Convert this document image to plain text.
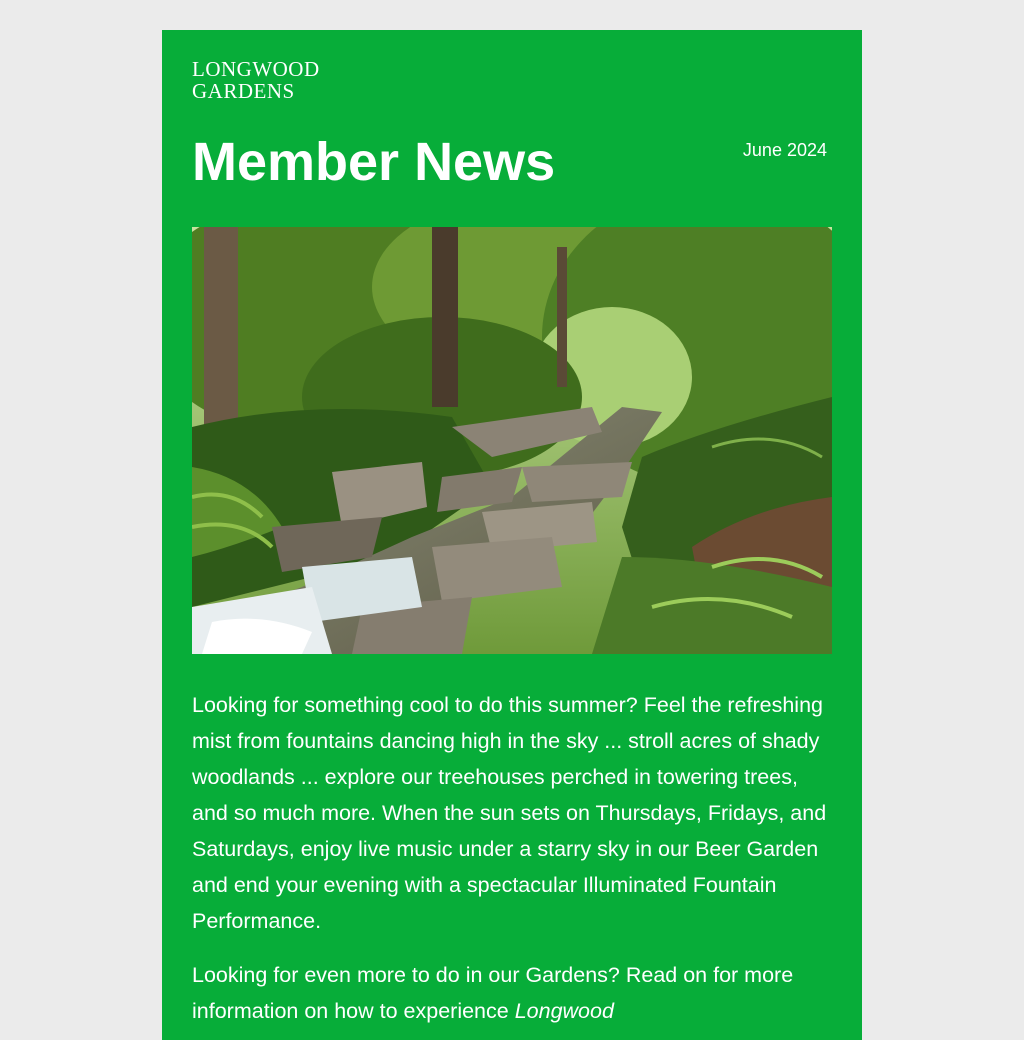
LONGWOOD
GARDENS
Member News	June 2024

Looking for something cool to do this summer? Feel the refreshing mist from fountains dancing high in the sky ... stroll acres of shady woodlands ... explore our treehouses perched in towering trees, and so much more. When the sun sets on Thursdays, Fridays, and Saturdays, enjoy live music under a starry sky in our Beer Garden and end your evening with a spectacular Illuminated Fountain Performance.

Looking for even more to do in our Gardens? Read on for more information on how to experience Longwood
